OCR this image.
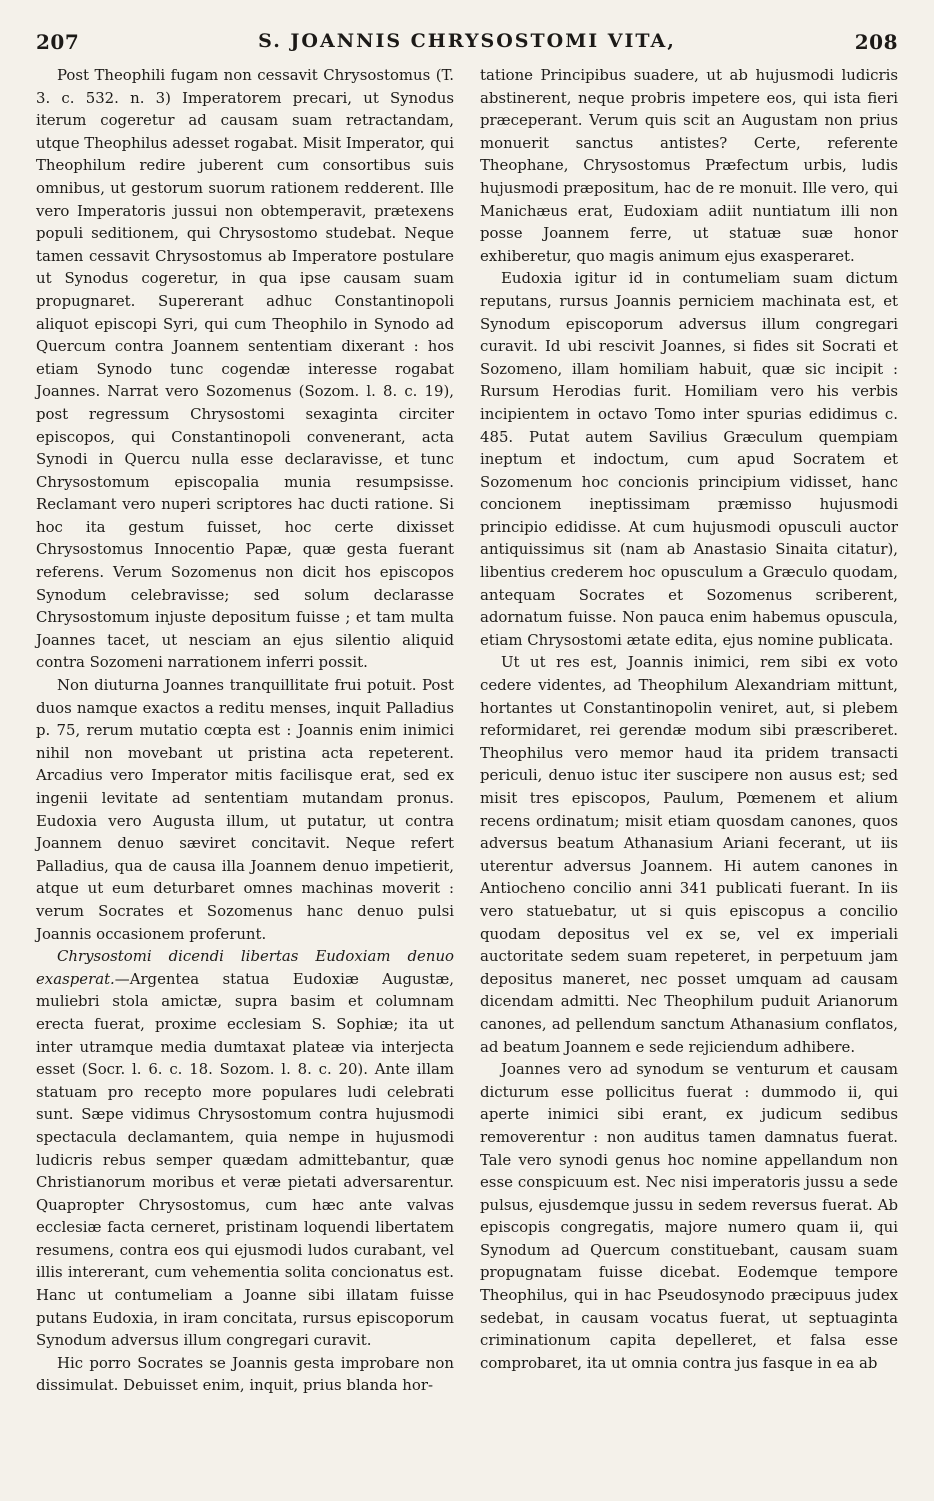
207	S. JOANNIS CHRYSOSTOMI VITA,	208

Post Theophili fugam non cessavit Chrysostomus (T. 3. c. 532. n. 3) Imperatorem precari, ut Synodus iterum cogeretur ad causam suam retractandam, utque Theophilus adesset rogabat. Misit Imperator, qui Theophilum redire juberent cum consortibus suis omnibus, ut gestorum suorum rationem redderent. Ille vero Imperatoris jussui non obtemperavit, prætexens populi seditionem, qui Chrysostomo studebat. Neque tamen cessavit Chrysostomus ab Imperatore postulare ut Synodus cogeretur, in qua ipse causam suam propugnaret. Supererant adhuc Constantinopoli aliquot episcopi Syri, qui cum Theophilo in Synodo ad Quercum contra Joannem sententiam dixerant : hos etiam Synodo tunc cogendæ interesse rogabat Joannes. Narrat vero Sozomenus (Sozom. l. 8. c. 19), post regressum Chrysostomi sexaginta circiter episcopos, qui Constantinopoli convenerant, acta Synodi in Quercu nulla esse declaravisse, et tunc Chrysostomum episcopalia munia resumpsisse. Reclamant vero nuperi scriptores hac ducti ratione. Si hoc ita gestum fuisset, hoc certe dixisset Chrysostomus Innocentio Papæ, quæ gesta fuerant referens. Verum Sozomenus non dicit hos episcopos Synodum celebravisse; sed solum declarasse Chrysostomum injuste depositum fuisse ; et tam multa Joannes tacet, ut nesciam an ejus silentio aliquid contra Sozomeni narrationem inferri possit.

Non diuturna Joannes tranquillitate frui potuit. Post duos namque exactos a reditu menses, inquit Palladius p. 75, rerum mutatio cœpta est : Joannis enim inimici nihil non movebant ut pristina acta repeterent. Arcadius vero Imperator mitis facilisque erat, sed ex ingenii levitate ad sententiam mutandam pronus. Eudoxia vero Augusta illum, ut putatur, ut contra Joannem denuo sæviret concitavit. Neque refert Palladius, qua de causa illa Joannem denuo impetierit, atque ut eum deturbaret omnes machinas moverit : verum Socrates et Sozomenus hanc denuo pulsi Joannis occasionem proferunt.

Chrysostomi dicendi libertas Eudoxiam denuo exasperat.—Argentea statua Eudoxiæ Augustæ, muliebri stola amictæ, supra basim et columnam erecta fuerat, proxime ecclesiam S. Sophiæ; ita ut inter utramque media dumtaxat plateæ via interjecta esset (Socr. l. 6. c. 18. Sozom. l. 8. c. 20). Ante illam statuam pro recepto more populares ludi celebrati sunt. Sæpe vidimus Chrysostomum contra hujusmodi spectacula declamantem, quia nempe in hujusmodi ludicris rebus semper quædam admittebantur, quæ Christianorum moribus et veræ pietati adversarentur. Quapropter Chrysostomus, cum hæc ante valvas ecclesiæ facta cerneret, pristinam loquendi libertatem resumens, contra eos qui ejusmodi ludos curabant, vel illis intererant, cum vehementia solita concionatus est. Hanc ut contumeliam a Joanne sibi illatam fuisse putans Eudoxia, in iram concitata, rursus episcoporum Synodum adversus illum congregari curavit.

Hic porro Socrates se Joannis gesta improbare non dissimulat. Debuisset enim, inquit, prius blanda hor-

tatione Principibus suadere, ut ab hujusmodi ludicris abstinerent, neque probris impetere eos, qui ista fieri præceperant. Verum quis scit an Augustam non prius monuerit sanctus antistes? Certe, referente Theophane, Chrysostomus Præfectum urbis, ludis hujusmodi præpositum, hac de re monuit. Ille vero, qui Manichæus erat, Eudoxiam adiit nuntiatum illi non posse Joannem ferre, ut statuæ suæ honor exhiberetur, quo magis animum ejus exasperaret.

Eudoxia igitur id in contumeliam suam dictum reputans, rursus Joannis perniciem machinata est, et Synodum episcoporum adversus illum congregari curavit. Id ubi rescivit Joannes, si fides sit Socrati et Sozomeno, illam homiliam habuit, quæ sic incipit : Rursum Herodias furit. Homiliam vero his verbis incipientem in octavo Tomo inter spurias edidimus c. 485. Putat autem Savilius Græculum quempiam ineptum et indoctum, cum apud Socratem et Sozomenum hoc concionis principium vidisset, hanc concionem ineptissimam præmisso hujusmodi principio edidisse. At cum hujusmodi opusculi auctor antiquissimus sit (nam ab Anastasio Sinaita citatur), libentius crederem hoc opusculum a Græculo quodam, antequam Socrates et Sozomenus scriberent, adornatum fuisse. Non pauca enim habemus opuscula, etiam Chrysostomi ætate edita, ejus nomine publicata.

Ut ut res est, Joannis inimici, rem sibi ex voto cedere videntes, ad Theophilum Alexandriam mittunt, hortantes ut Constantinopolin veniret, aut, si plebem reformidaret, rei gerendæ modum sibi præscriberet. Theophilus vero memor haud ita pridem transacti periculi, denuo istuc iter suscipere non ausus est; sed misit tres episcopos, Paulum, Pœmenem et alium recens ordinatum; misit etiam quosdam canones, quos adversus beatum Athanasium Ariani fecerant, ut iis uterentur adversus Joannem. Hi autem canones in Antiocheno concilio anni 341 publicati fuerant. In iis vero statuebatur, ut si quis episcopus a concilio quodam depositus vel ex se, vel ex imperiali auctoritate sedem suam repeteret, in perpetuum jam depositus maneret, nec posset umquam ad causam dicendam admitti. Nec Theophilum puduit Arianorum canones, ad pellendum sanctum Athanasium conflatos, ad beatum Joannem e sede rejiciendum adhibere.

Joannes vero ad synodum se venturum et causam dicturum esse pollicitus fuerat : dummodo ii, qui aperte inimici sibi erant, ex judicum sedibus removerentur : non auditus tamen damnatus fuerat. Tale vero synodi genus hoc nomine appellandum non esse conspicuum est. Nec nisi imperatoris jussu a sede pulsus, ejusdemque jussu in sedem reversus fuerat. Ab episcopis congregatis, majore numero quam ii, qui Synodum ad Quercum constituebant, causam suam propugnatam fuisse dicebat. Eodemque tempore Theophilus, qui in hac Pseudosynodo præcipuus judex sedebat, in causam vocatus fuerat, ut septuaginta criminationum capita depelleret, et falsa esse comprobaret, ita ut omnia contra jus fasque in ea ab
